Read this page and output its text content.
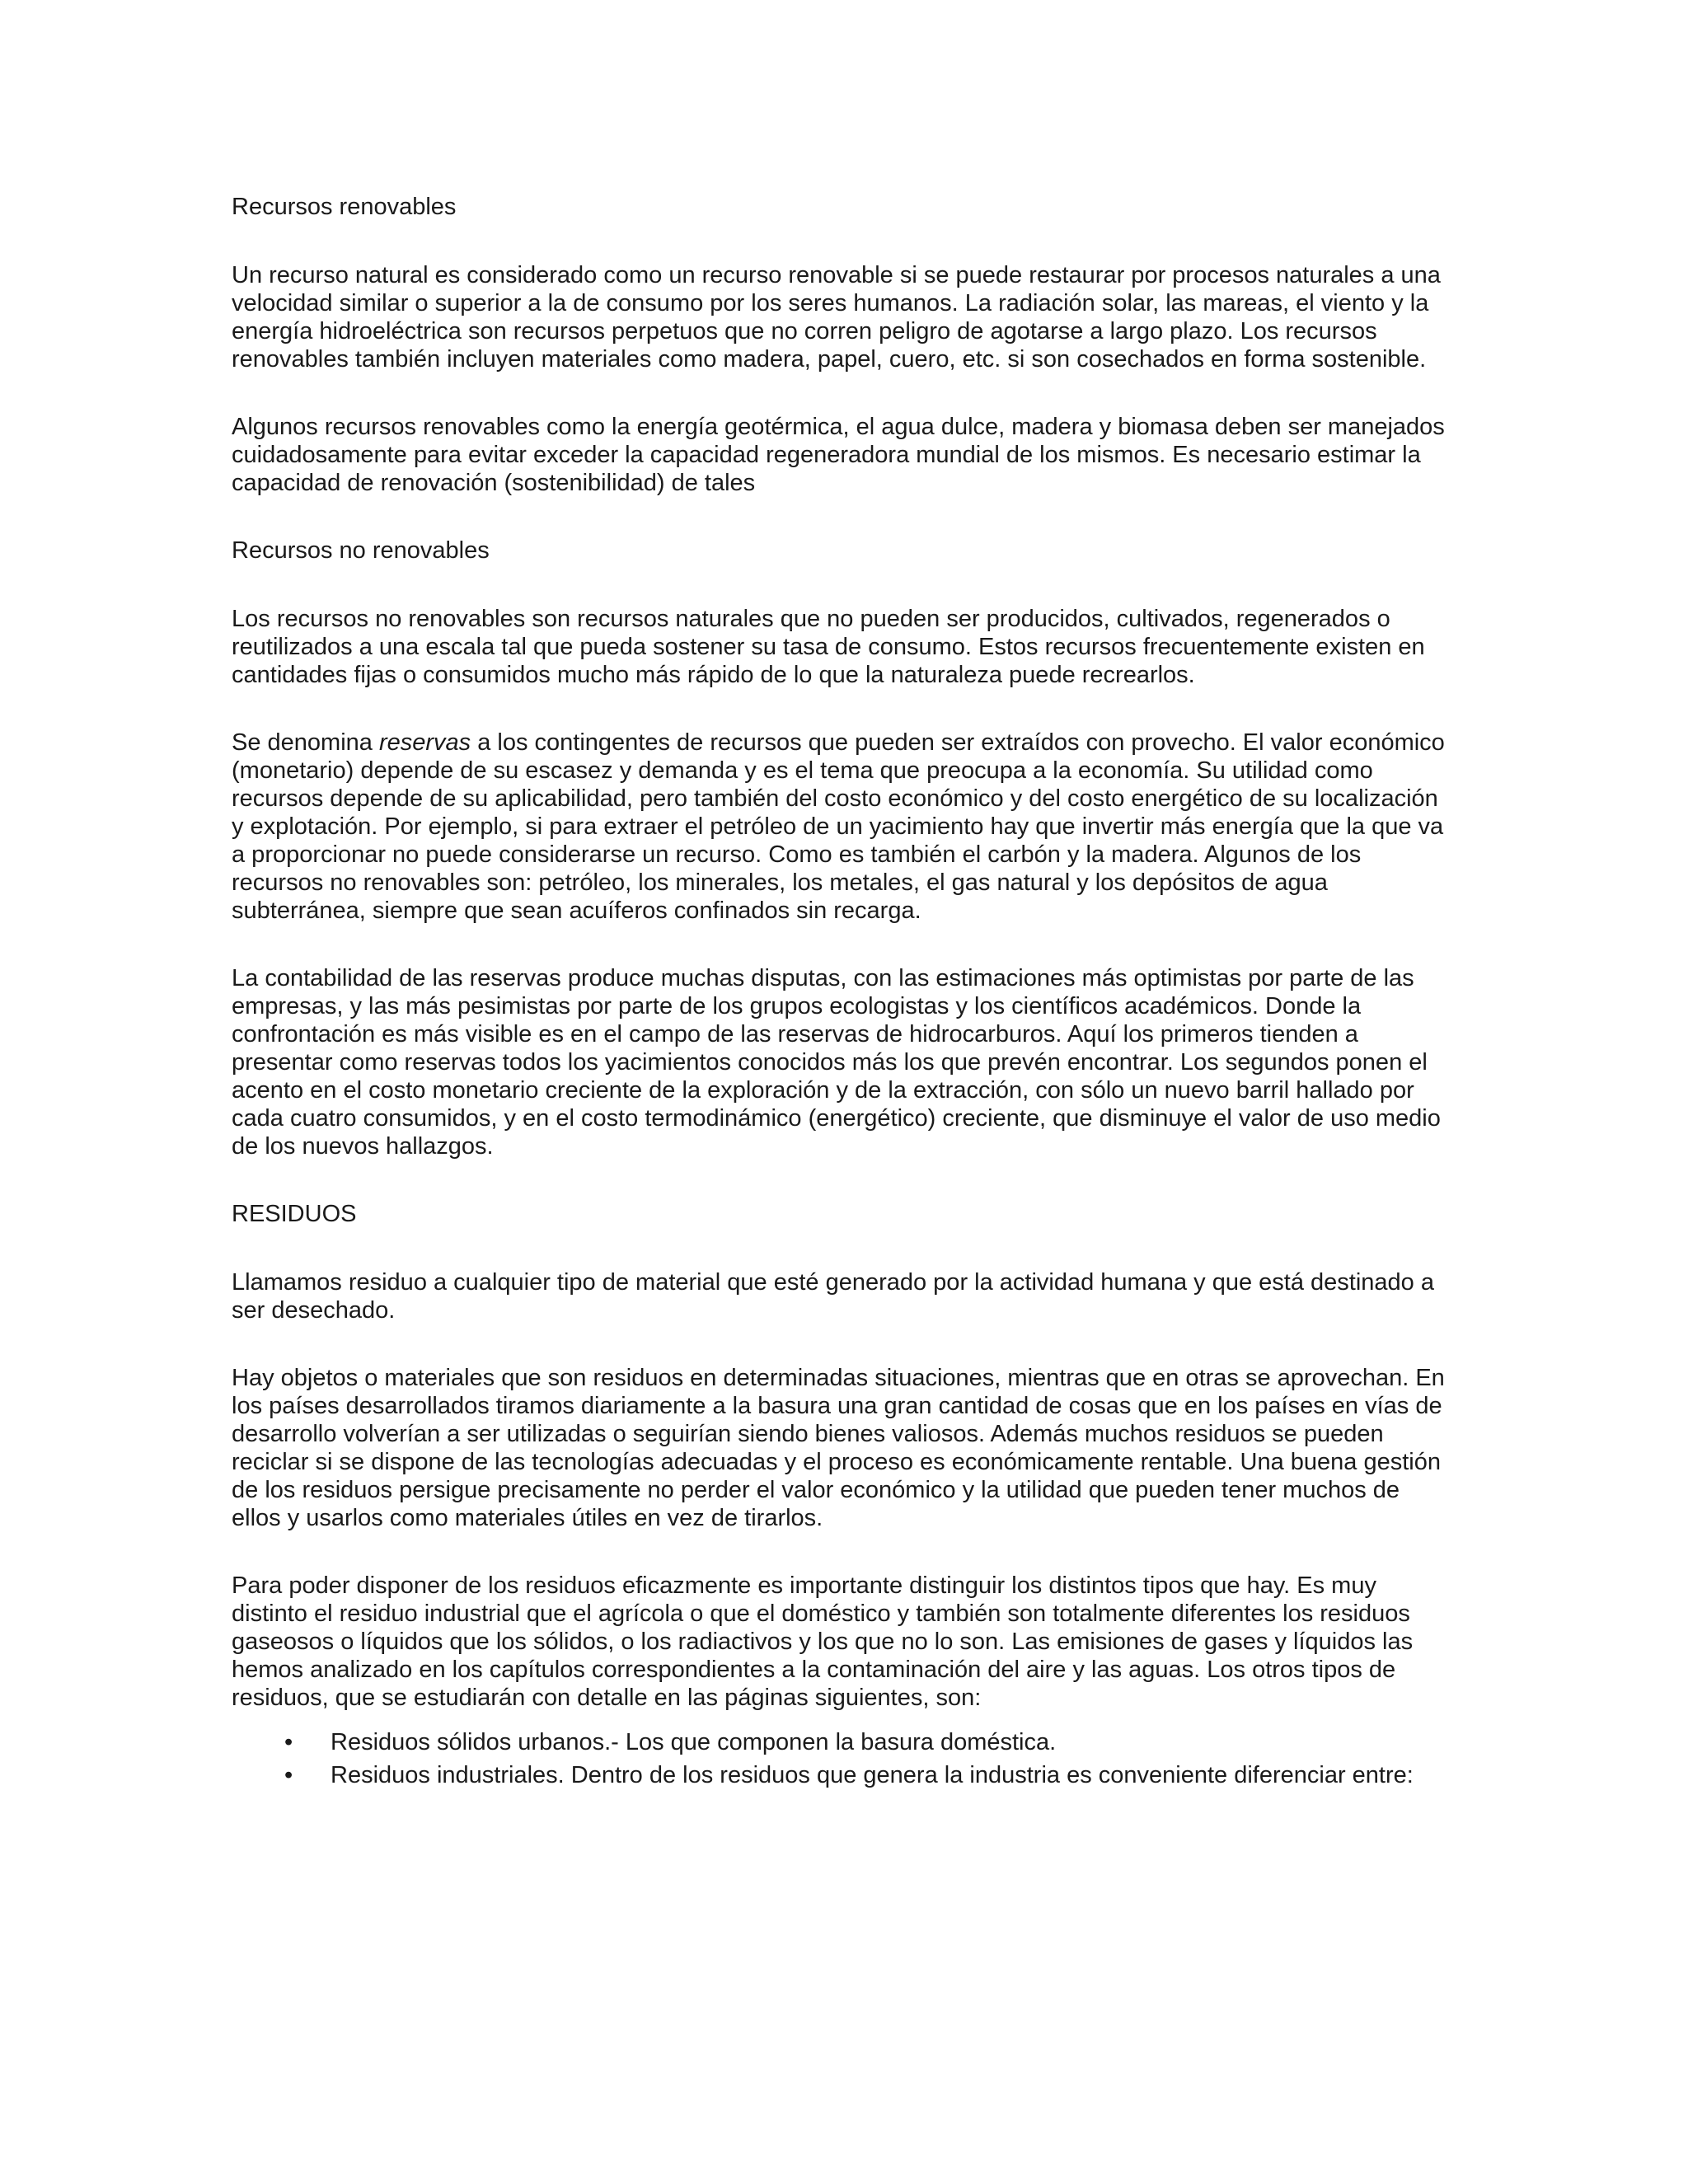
Recursos renovables

Un recurso natural es considerado como un recurso renovable si se puede restaurar por procesos naturales a una velocidad similar o superior a la de consumo por los seres humanos. La radiación solar, las mareas, el viento y la energía hidroeléctrica son recursos perpetuos que no corren peligro de agotarse a largo plazo. Los recursos renovables también incluyen materiales como madera, papel, cuero, etc. si son cosechados en forma sostenible.

Algunos recursos renovables como la energía geotérmica, el agua dulce, madera y biomasa deben ser manejados cuidadosamente para evitar exceder la capacidad regeneradora mundial de los mismos. Es necesario estimar la capacidad de renovación (sostenibilidad) de tales

Recursos no renovables

Los recursos no renovables son recursos naturales que no pueden ser producidos, cultivados, regenerados o reutilizados a una escala tal que pueda sostener su tasa de consumo. Estos recursos frecuentemente existen en cantidades fijas o consumidos mucho más rápido de lo que la naturaleza puede recrearlos.

Se denomina reservas a los contingentes de recursos que pueden ser extraídos con provecho. El valor económico (monetario) depende de su escasez y demanda y es el tema que preocupa a la economía. Su utilidad como recursos depende de su aplicabilidad, pero también del costo económico y del costo energético de su localización y explotación. Por ejemplo, si para extraer el petróleo de un yacimiento hay que invertir más energía que la que va a proporcionar no puede considerarse un recurso. Como es también el carbón y la madera. Algunos de los recursos no renovables son: petróleo, los minerales, los metales, el gas natural y los depósitos de agua subterránea, siempre que sean acuíferos confinados sin recarga.

La contabilidad de las reservas produce muchas disputas, con las estimaciones más optimistas por parte de las empresas, y las más pesimistas por parte de los grupos ecologistas y los científicos académicos. Donde la confrontación es más visible es en el campo de las reservas de hidrocarburos. Aquí los primeros tienden a presentar como reservas todos los yacimientos conocidos más los que prevén encontrar. Los segundos ponen el acento en el costo monetario creciente de la exploración y de la extracción, con sólo un nuevo barril hallado por cada cuatro consumidos, y en el costo termodinámico (energético) creciente, que disminuye el valor de uso medio de los nuevos hallazgos.

RESIDUOS

Llamamos residuo a cualquier tipo de material que esté generado por la actividad humana y que está destinado a ser desechado.

Hay objetos o materiales que son residuos en determinadas situaciones, mientras que en otras se aprovechan. En los países desarrollados tiramos diariamente a la basura una gran cantidad de cosas que en los países en vías de desarrollo volverían a ser utilizadas o seguirían siendo bienes valiosos. Además muchos residuos se pueden reciclar si se dispone de las tecnologías adecuadas y el proceso es económicamente rentable. Una buena gestión de los residuos persigue precisamente no perder el valor económico y la utilidad que pueden tener muchos de ellos y usarlos como materiales útiles en vez de tirarlos.

Para poder disponer de los residuos eficazmente es importante distinguir los distintos tipos que hay. Es muy distinto el residuo industrial que el agrícola o que el doméstico y también son totalmente diferentes los residuos gaseosos o líquidos que los sólidos, o los radiactivos y los que no lo son. Las emisiones de gases y líquidos las hemos analizado en los capítulos correspondientes a la contaminación del aire y las aguas. Los otros tipos de residuos, que se estudiarán con detalle en las páginas siguientes, son:

• Residuos sólidos urbanos.- Los que componen la basura doméstica.
• Residuos industriales. Dentro de los residuos que genera la industria es conveniente diferenciar entre:
